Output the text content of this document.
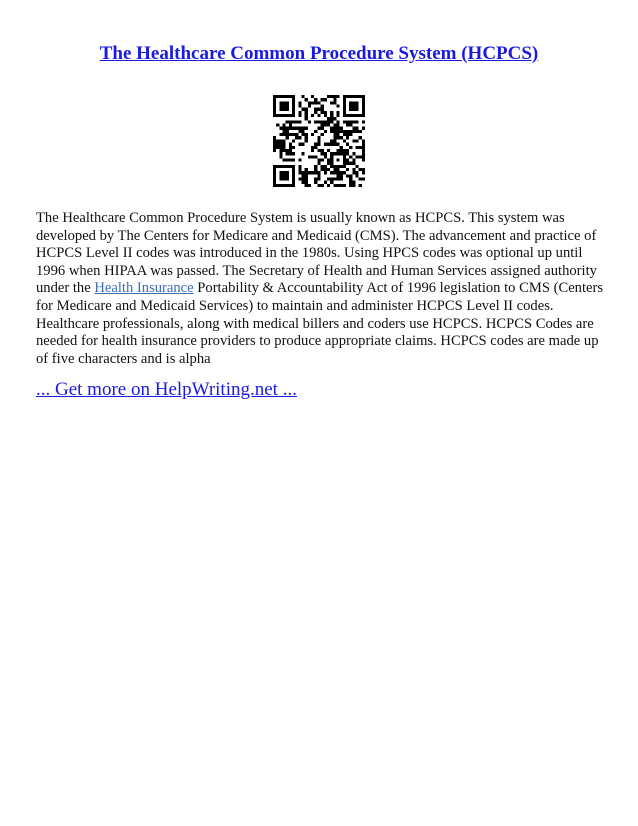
The Healthcare Common Procedure System (HCPCS)

The Healthcare Common Procedure System is usually known as HCPCS. This system was developed by The Centers for Medicare and Medicaid (CMS). The advancement and practice of HCPCS Level II codes was introduced in the 1980s. Using HPCS codes was optional up until 1996 when HIPAA was passed. The Secretary of Health and Human Services assigned authority under the Health Insurance Portability & Accountability Act of 1996 legislation to CMS (Centers for Medicare and Medicaid Services) to maintain and administer HCPCS Level II codes. Healthcare professionals, along with medical billers and coders use HCPCS. HCPCS Codes are needed for health insurance providers to produce appropriate claims. HCPCS codes are made up of five characters and is alpha

... Get more on HelpWriting.net ...
